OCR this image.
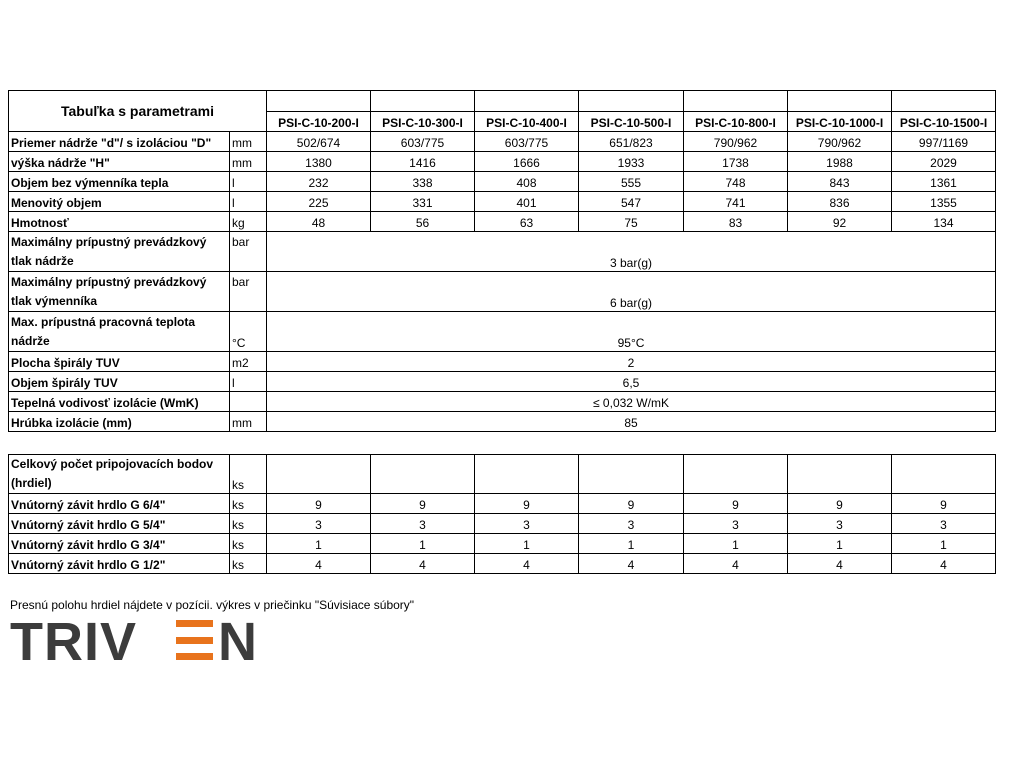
Tabuľka s parametrami								
		PSI-C-10-200-I	PSI-C-10-300-I	PSI-C-10-400-I	PSI-C-10-500-I	PSI-C-10-800-I	PSI-C-10-1000-I	PSI-C-10-1500-I
Priemer nádrže "d"/ s izoláciou "D"	mm	502/674	603/775	603/775	651/823	790/962	790/962	997/1169
výška nádrže "H"	mm	1380	1416	1666	1933	1738	1988	2029
Objem bez výmenníka tepla	l	232	338	408	555	748	843	1361
Menovitý objem	l	225	331	401	547	741	836	1355
Hmotnosť	kg	48	56	63	75	83	92	134
Maximálny prípustný prevádzkový tlak nádrže	bar	3 bar(g)						
Maximálny prípustný prevádzkový tlak výmenníka	bar	6 bar(g)						
Max. prípustná pracovná teplota nádrže	°C	95°C						
Plocha špirály TUV	m2	2						
Objem špirály TUV	l	6,5						
Tepelná vodivosť izolácie (WmK)		≤ 0,032 W/mK						
Hrúbka izolácie (mm)	mm	85						
Celkový počet pripojovacích bodov (hrdiel)	ks							
Vnútorný závit hrdlo G 6/4"	ks	9	9	9	9	9	9	9
Vnútorný závit hrdlo G 5/4"	ks	3	3	3	3	3	3	3
Vnútorný závit hrdlo G 3/4"	ks	1	1	1	1	1	1	1
Vnútorný závit hrdlo G 1/2"	ks	4	4	4	4	4	4	4
Presnú polohu hrdiel nájdete v pozícii. výkres v priečinku "Súvisiace súbory"
TRIV N
